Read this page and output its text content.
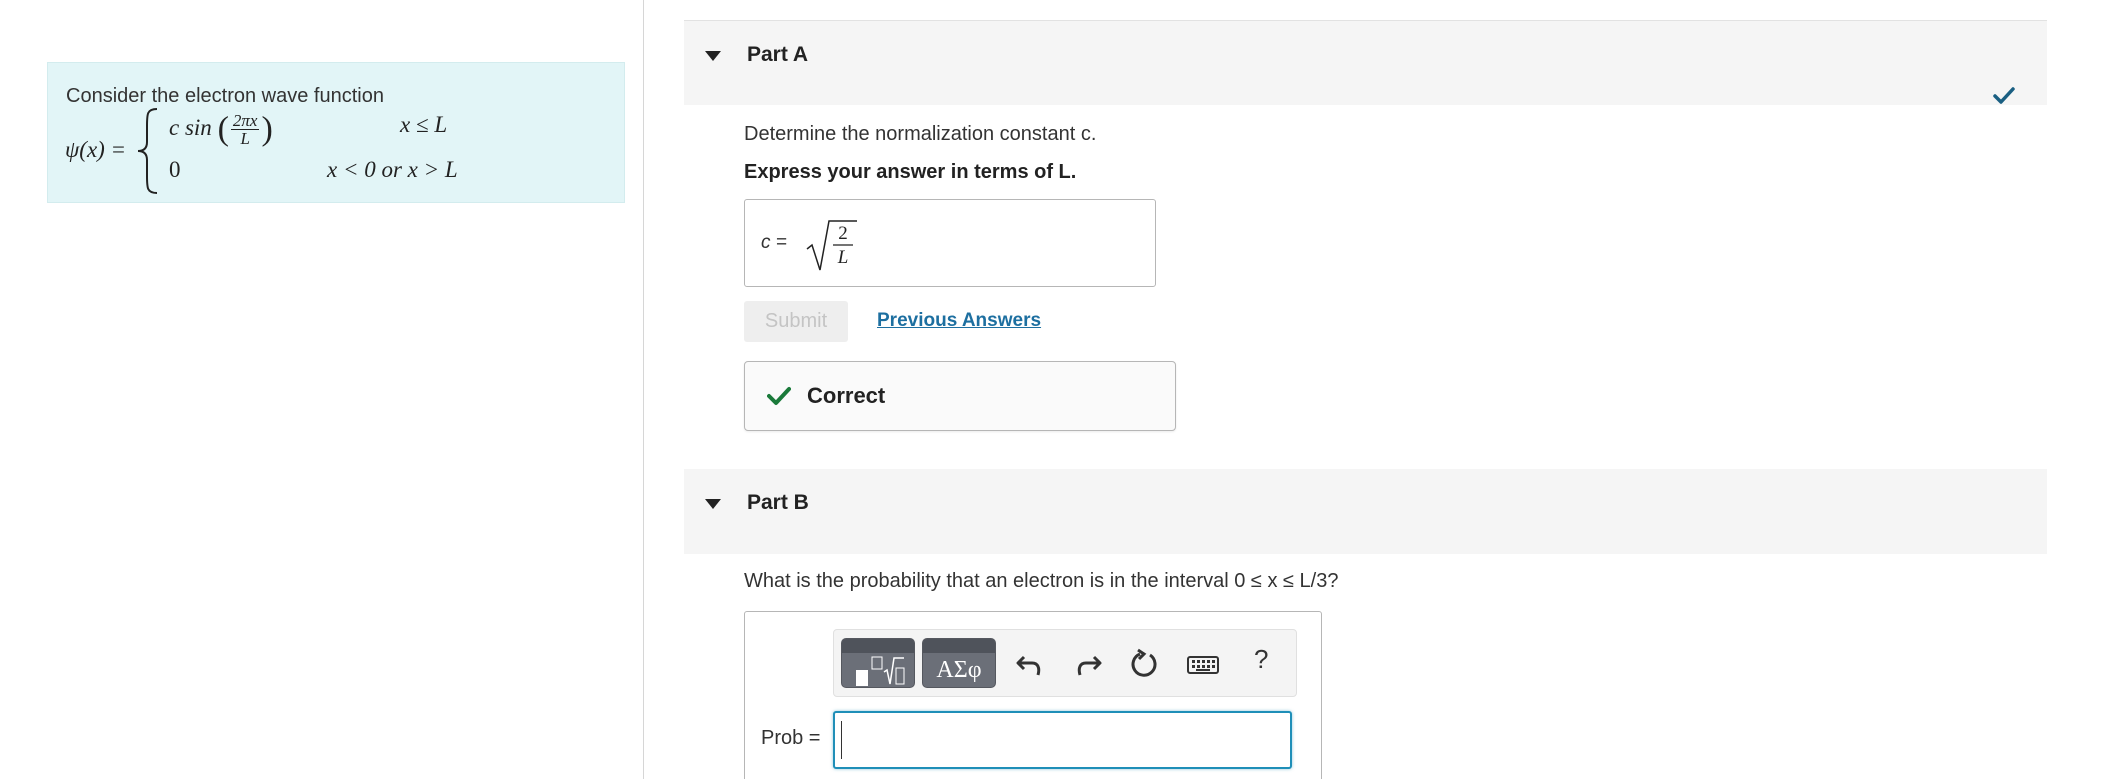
Consider the electron wave function
ψ(x) =
c sin ( $\frac{2\pi x}{L}$ )	x ≤ L
0	x < 0 or x > L
Part A
Determine the normalization constant c.
Express your answer in terms of L.
c =	2
L
Submit	Previous Answers
Correct
Part B
What is the probability that an electron is in the interval 0 ≤ x ≤ L/3?
ΑΣφ	?
Prob =
